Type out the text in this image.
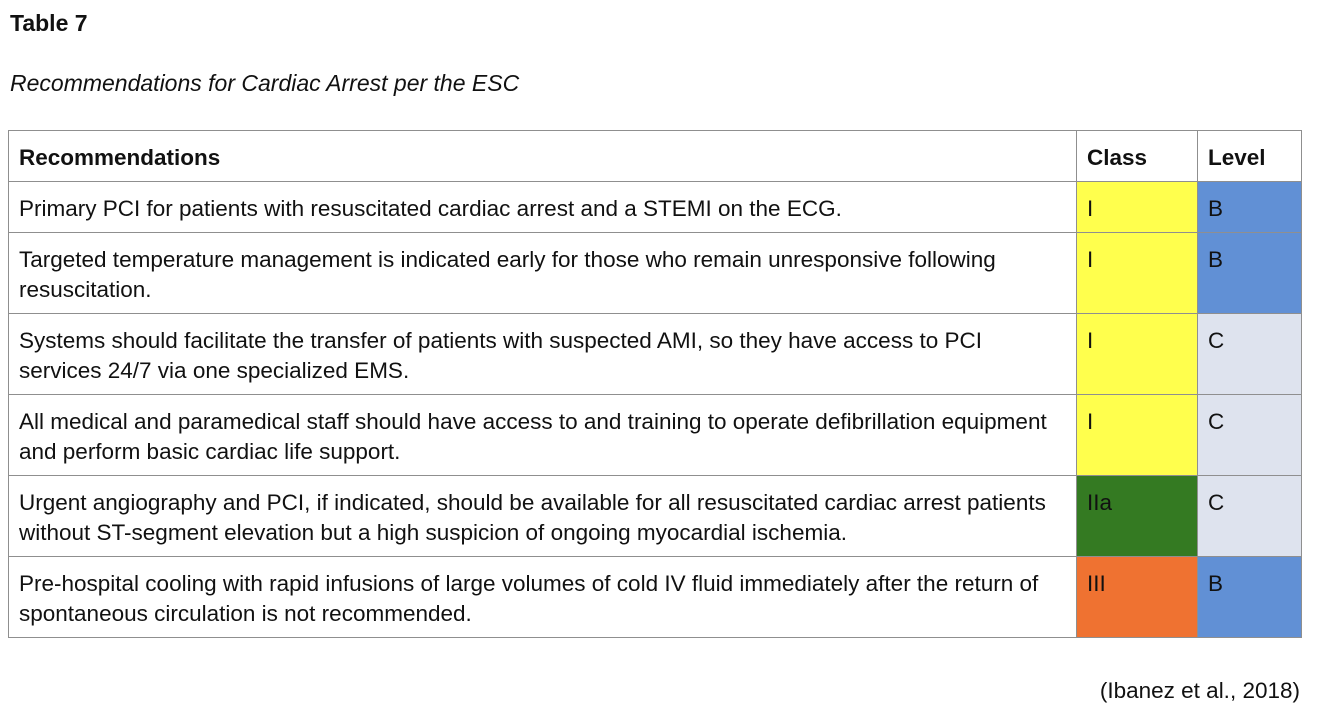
Table 7
Recommendations for Cardiac Arrest per the ESC
Recommendations	Class	Level
Primary PCI for patients with resuscitated cardiac arrest and a STEMI on the ECG.	I	B
Targeted temperature management is indicated early for those who remain unresponsive following resuscitation.	I	B
Systems should facilitate the transfer of patients with suspected AMI, so they have access to PCI services 24/7 via one specialized EMS.	I	C
All medical and paramedical staff should have access to and training to operate defibrillation equipment and perform basic cardiac life support.	I	C
Urgent angiography and PCI, if indicated, should be available for all resuscitated cardiac arrest patients without ST-segment elevation but a high suspicion of ongoing myocardial ischemia.	IIa	C
Pre-hospital cooling with rapid infusions of large volumes of cold IV fluid immediately after the return of spontaneous circulation is not recommended.	III	B
(Ibanez et al., 2018)
